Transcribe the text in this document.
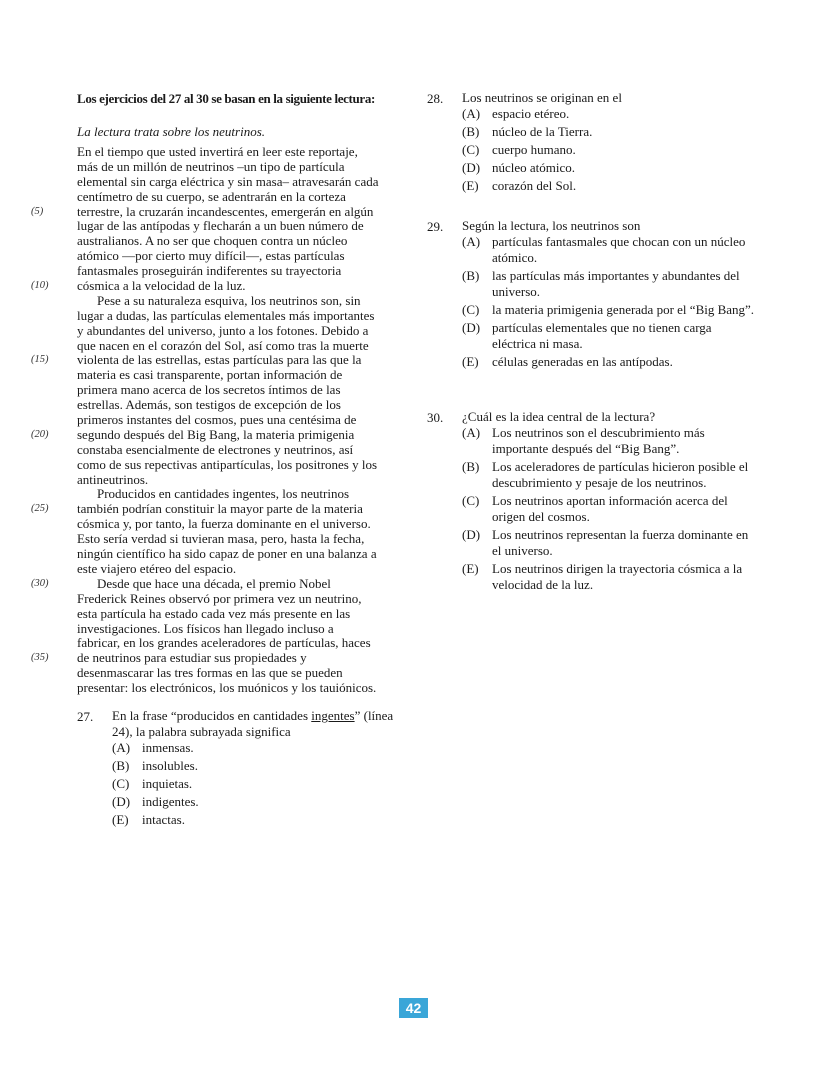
Los ejercicios del 27 al 30 se basan en la siguiente lectura:
La lectura trata sobre los neutrinos.
En el tiempo que usted invertirá en leer este reportaje,
más de un millón de neutrinos –un tipo de partícula
elemental sin carga eléctrica y sin masa– atravesarán cada
centímetro de su cuerpo, se adentrarán en la corteza
(5)	terrestre, la cruzarán incandescentes, emergerán en algún
lugar de las antípodas y flecharán a un buen número de
australianos. A no ser que choquen contra un núcleo
atómico —por cierto muy difícil—, estas partículas
fantasmales proseguirán indiferentes su trayectoria
(10)	cósmica a la velocidad de la luz.
Pese a su naturaleza esquiva, los neutrinos son, sin
lugar a dudas, las partículas elementales más importantes
y abundantes del universo, junto a los fotones. Debido a
que nacen en el corazón del Sol, así como tras la muerte
(15)	violenta de las estrellas, estas partículas para las que la
materia es casi transparente, portan información de
primera mano acerca de los secretos íntimos de las
estrellas. Además, son testigos de excepción de los
primeros instantes del cosmos, pues una centésima de
(20)	segundo después del Big Bang, la materia primigenia
constaba esencialmente de electrones y neutrinos, así
como de sus repectivas antipartículas, los positrones y los
antineutrinos.
Producidos en cantidades ingentes, los neutrinos
(25)	también podrían constituir la mayor parte de la materia
cósmica y, por tanto, la fuerza dominante en el universo.
Esto sería verdad si tuvieran masa, pero, hasta la fecha,
ningún científico ha sido capaz de poner en una balanza a
este viajero etéreo del espacio.
(30)	Desde que hace una década, el premio Nobel
Frederick Reines observó por primera vez un neutrino,
esta partícula ha estado cada vez más presente en las
investigaciones. Los físicos han llegado incluso a
fabricar, en los grandes aceleradores de partículas, haces
(35)	de neutrinos para estudiar sus propiedades y
desenmascarar las tres formas en las que se pueden
presentar: los electrónicos, los muónicos y los tauiónicos.
27. En la frase “producidos en cantidades ingentes” (línea 24), la palabra subrayada significa
(A) inmensas.
(B) insolubles.
(C) inquietas.
(D) indigentes.
(E) intactas.
28. Los neutrinos se originan en el
(A) espacio etéreo.
(B) núcleo de la Tierra.
(C) cuerpo humano.
(D) núcleo atómico.
(E) corazón del Sol.
29. Según la lectura, los neutrinos son
(A) partículas fantasmales que chocan con un núcleo atómico.
(B) las partículas más importantes y abundantes del universo.
(C) la materia primigenia generada por el “Big Bang”.
(D) partículas elementales que no tienen carga eléctrica ni masa.
(E) células generadas en las antípodas.
30. ¿Cuál es la idea central de la lectura?
(A) Los neutrinos son el descubrimiento más importante después del “Big Bang”.
(B) Los aceleradores de partículas hicieron posible el descubrimiento y pesaje de los neutrinos.
(C) Los neutrinos aportan información acerca del origen del cosmos.
(D) Los neutrinos representan la fuerza dominante en el universo.
(E) Los neutrinos dirigen la trayectoria cósmica a la velocidad de la luz.
42
